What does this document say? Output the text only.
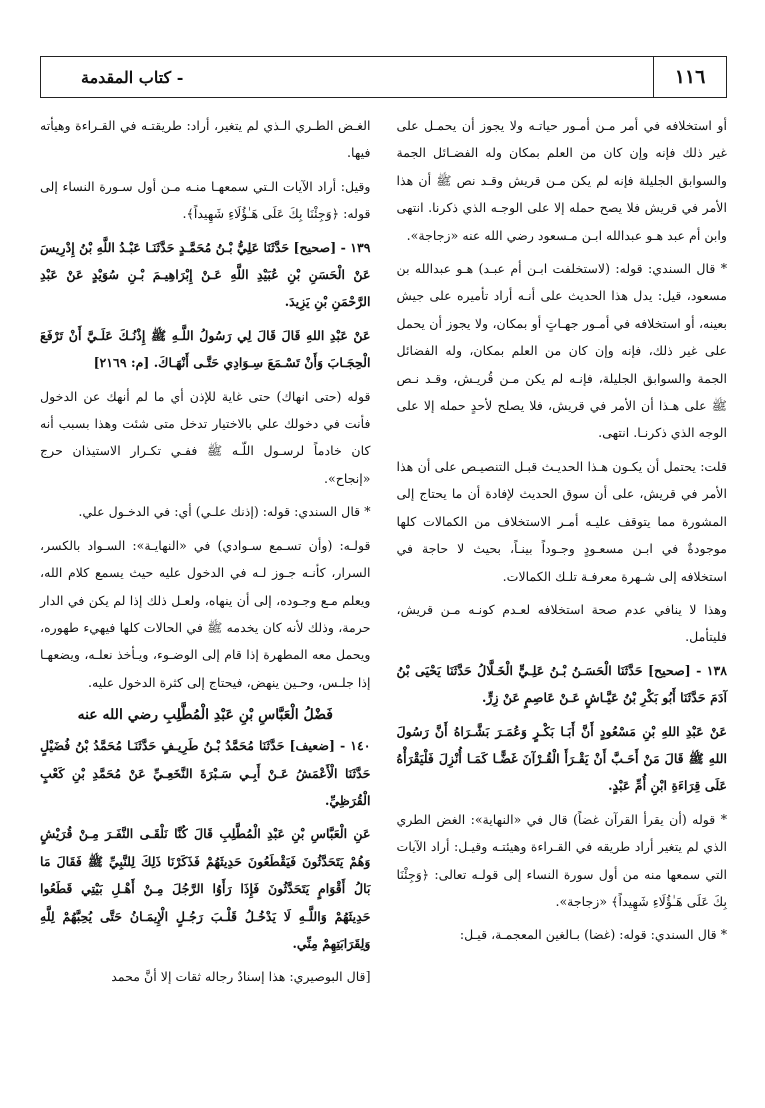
١١٦
- كتاب المقدمة

أو استخلافه في أمر مـن أمـور حياتـه ولا يجوز أن يحمـل على غير ذلك فإنه وإن كان من العلم بمكان وله الفضـائل الجمة والسوابق الجليلة فإنه لم يكن مـن قريش وقـد نص ﷺ أن هذا الأمر في قريش فلا يصح حمله إلا على الوجـه الذي ذكرنا. انتهى وابن أم عبد هـو عبدالله ابـن مـسعود رضي الله عنه «زجاجة».

* قال السندي: قوله: (لاستخلفت ابـن أم عبـد) هـو عبدالله بن مسعود، قيل: يدل هذا الحديث على أنـه أراد تأميره على جيش بعينه، أو استخلافه في أمـور جهـاتٍ أو بمكان، ولا يجوز أن يحمل على غير ذلك، فإنه وإن كان من العلم بمكان، وله الفضائل الجمة والسوابق الجليلة، فإنـه لم يكن مـن قُريـش، وقـد نـص ﷺ على هـذا أن الأمر في قريش، فلا يصلح لأحدٍ حمله إلا على الوجه الذي ذكرنـا. انتهى.

قلت: يحتمل أن يكـون هـذا الحديـث قبـل التنصيـص على أن هذا الأمر في قريش، على أن سوق الحديث لإفادة أن ما يحتاج إلى المشورة مما يتوقف عليـه أمـر الاستخلاف من الكمالات كلها موجودةٌ في ابـن مسعـودٍ وجـوداً بينـاً، بحيث لا حاجة في استخلافه إلى شـهرة معرفـة تلـك الكمالات.

وهذا لا ينافي عدم صحة استخلافه لعـدم كونـه مـن قريش، فليتأمل.

١٣٨ - [صحيح] حَدَّثَنَا الْحَسَـنُ بْـنُ عَلِـيٍّ الْخَـلَّالُ حَدَّثَنَا يَحْيَى بْنُ آدَمَ حَدَّثَنَا أَبُو بَكْرِ بْنُ عَيَّـاشٍ عَـنْ عَاصِمٍ عَنْ زِرٍّ.

عَنْ عَبْدِ اللهِ بْنِ مَسْعُودٍ أَنَّ أَبَـا بَكْـرٍ وَعُمَـرَ بَشَّـرَاهُ أَنَّ رَسُولَ اللهِ ﷺ قَالَ مَنْ أَحَـبَّ أَنْ يَقْـرَأَ الْقُـرْآنَ غَضًّـا كَمَـا أُنْزِلَ فَلْيَقْرَأْهُ عَلَى قِرَاءَةِ ابْنِ أُمِّ عَبْدٍ.

* قوله (أن يقرأ القرآن غضاً) قال في «النهاية»: الغض الطري الذي لم يتغير أراد طريقه في القـراءة وهيئتـه وقيـل: أراد الآيات التي سمعها منه من أول سورة النساء إلى قولـه تعالى: ﴿وَجِئْنَا بِكَ عَلَى هَـٰؤُلَاءِ شَهِيداً﴾ «زجاجة».

* قال السندي: قوله: (غضا) بـالغين المعجمـة، قيـل:

الغـض الطـري الـذي لم يتغير، أراد: طريقتـه في القـراءة وهيأته فيها.

وقيل: أراد الآيات الـتي سمعهـا منـه مـن أول سـورة النساء إلى قوله: ﴿وَجِئْنَا بِكَ عَلَى هَـٰؤُلَاءِ شَهِيداً﴾.

١٣٩ - [صحيح] حَدَّثَنَا عَلِيُّ بْـنُ مُحَمَّـدٍ حَدَّثَنَـا عَبْـدُ اللَّهِ بْنُ إِدْرِيسَ عَنْ الْحَسَنِ بْنِ عُبَيْدِ اللَّهِ عَـنْ إِبْرَاهِيـمَ بْـنِ سُوَيْدٍ عَنْ عَبْدِ الرَّحْمَنِ بْنِ يَزِيدَ.

عَنْ عَبْدِ اللهِ قَالَ قَالَ لِي رَسُولُ اللَّـهِ ﷺ إِذْنُـكَ عَلَـيَّ أَنْ تَرْفَعَ الْحِجَـابَ وَأَنْ تَسْـمَعَ سِـوَادِي حَتَّـى أَنْهَـاكَ. [م: ٢١٦٩]

قوله (حتى انهاك) حتى غاية للإذن أي ما لم أنهك عن الدخول فأنت في دخولك علي بالاختيار تدخل متى شئت وهذا بسبب أنه كان خادماً لرسـول اللّـه ﷺ ففـي تكـرار الاستيذان حرج «إنجاح».

* قال السندي: قوله: (إذنك علـي) أي: في الدخـول علي.

قولـه: (وأن تسـمع سـوادي) في «النهايـة»: السـواد بالكسر، السرار، كأنـه جـوز لـه في الدخول عليه حيث يسمع كلام الله، ويعلم مـع وجـوده، إلى أن ينهاه، ولعـل ذلك إذا لم يكن في الدار حرمة، وذلك لأنه كان يخدمه ﷺ في الحالات كلها فيهيء طهوره، ويحمل معه المطهرة إذا قام إلى الوضـوء، ويـأخذ نعلـه، ويضعهـا إذا جلـس، وحـين ينهض، فيحتاج إلى كثرة الدخول عليه.

فَضْلُ الْعَبَّاسِ بْنِ عَبْدِ الْمُطَّلِبِ رضي الله عنه

١٤٠ - [ضعيف] حَدَّثَنَا مُحَمَّدُ بْـنُ طَرِيـفٍ حَدَّثَنَـا مُحَمَّدُ بْنُ فُضَيْلٍ حَدَّثَنَا الْأَعْمَشُ عَـنْ أَبِـي سَـبْرَةَ النَّخَعِـيِّ عَنْ مُحَمَّدِ بْنِ كَعْبٍ الْقُرَظِيِّ.

عَنِ الْعَبَّاسِ بْنِ عَبْدِ الْمُطَّلِبِ قَالَ كُنَّا نَلْقَـى النَّفَـرَ مِـنْ قُرَيْشٍ وَهُمْ يَتَحَدَّثُونَ فَيَقْطَعُونَ حَدِيثَهُمْ فَذَكَرْنَا ذَلِكَ لِلنَّبِيِّ ﷺ فَقَالَ مَا بَالُ أَقْوَامٍ يَتَحَدَّثُونَ فَإِذَا رَأَوُا الرَّجُلَ مِـنْ أَهْـلِ بَيْتِي قَطَعُوا حَدِيثَهُمْ وَاللَّـهِ لَا يَدْخُـلُ قَلْـبَ رَجُـلٍ الْإِيمَـانُ حَتَّى يُحِبَّهُمْ لِلَّهِ وَلِقَرَابَتِهِمْ مِنِّي.

[قال البوصيري: هذا إسنادٌ رجاله ثقات إلا أنَّ محمد
